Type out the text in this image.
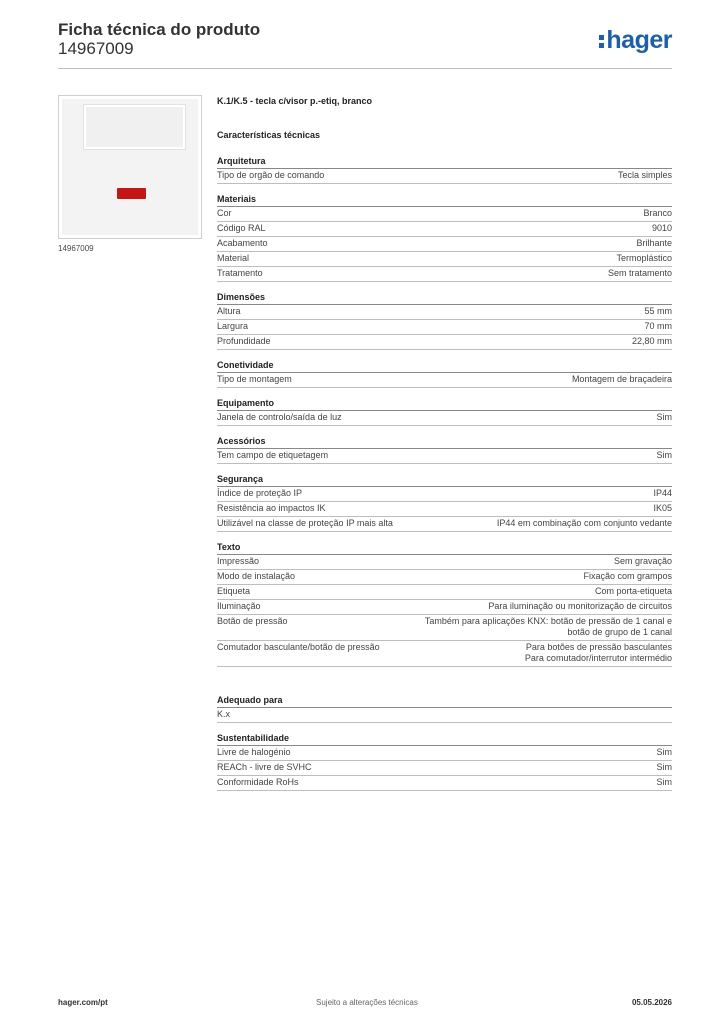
Ficha técnica do produto
14967009	hager
14967009
K.1/K.5 - tecla c/visor p.-etiq, branco
Características técnicas
Arquitetura
Tipo de orgão de comando	Tecla simples
Materiais
Cor	Branco
Código RAL	9010
Acabamento	Brilhante
Material	Termoplástico
Tratamento	Sem tratamento
Dimensões
Altura	55 mm
Largura	70 mm
Profundidade	22,80 mm
Conetividade
Tipo de montagem	Montagem de braçadeira
Equipamento
Janela de controlo/saída de luz	Sim
Acessórios
Tem campo de etiquetagem	Sim
Segurança
Índice de proteção IP	IP44
Resistência ao impactos IK	IK05
Utilizável na classe de proteção IP mais alta	IP44 em combinação com conjunto vedante
Texto
Impressão	Sem gravação
Modo de instalação	Fixação com grampos
Etiqueta	Com porta-etiqueta
Iluminação	Para iluminação ou monitorização de circuitos
Botão de pressão	Também para aplicações KNX: botão de pressão de 1 canal e
botão de grupo de 1 canal
Comutador basculante/botão de pressão	Para botões de pressão basculantes
Para comutador/interrutor intermédio
Adequado para
K.x
Sustentabilidade
Livre de halogénio	Sim
REACh - livre de SVHC	Sim
Conformidade RoHs	Sim
hager.com/pt	Sujeito a alterações técnicas	05.05.2026
